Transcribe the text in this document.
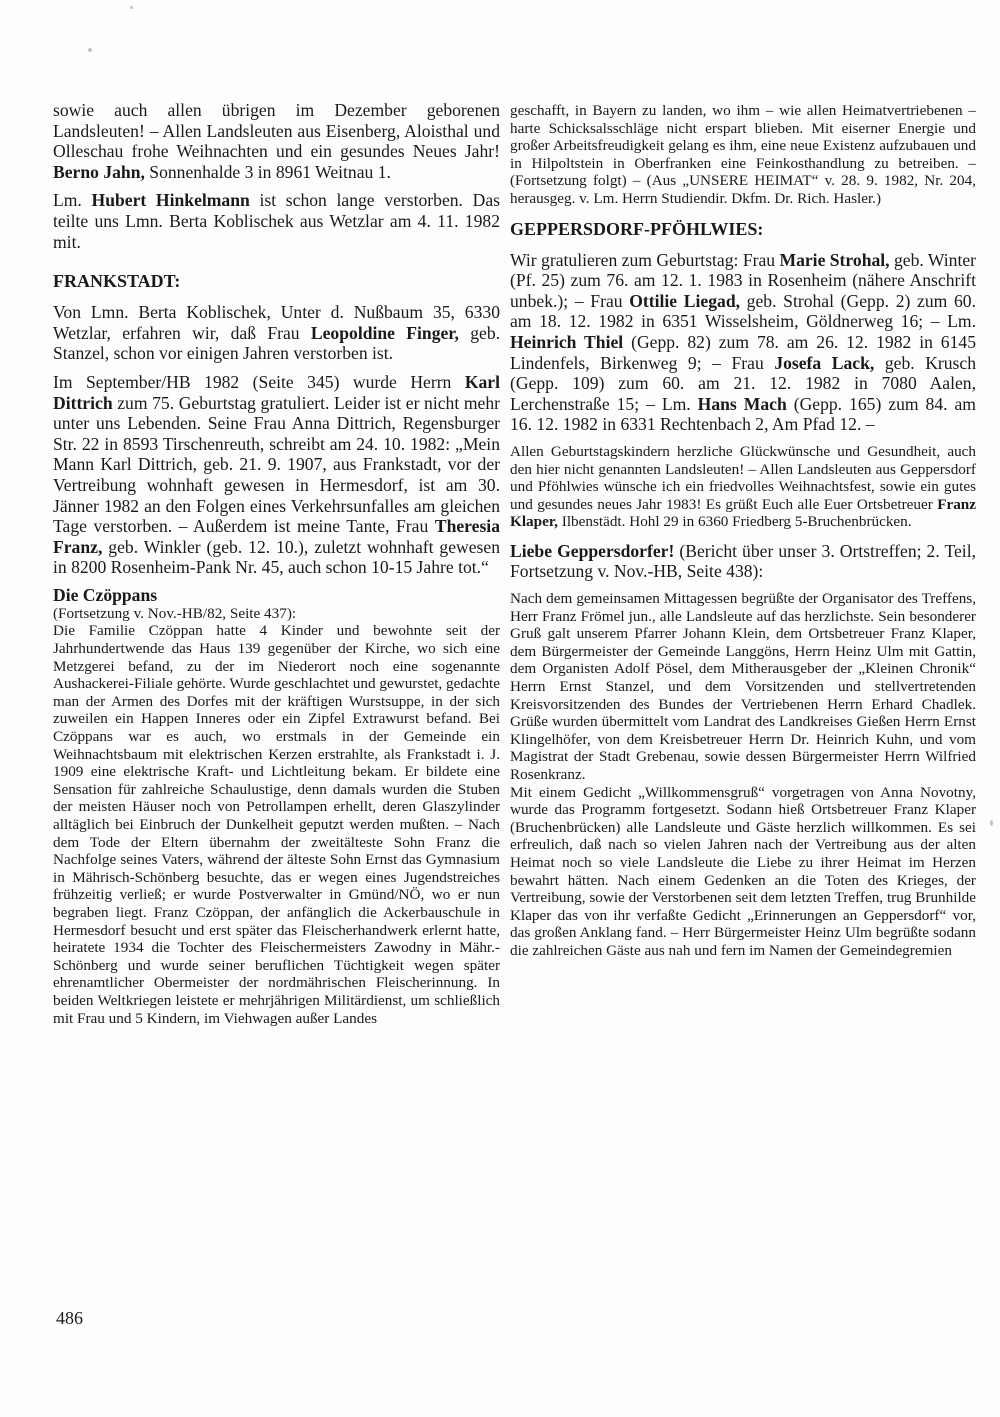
sowie auch allen übrigen im Dezember geborenen Landsleuten! – Allen Landsleuten aus Eisenberg, Aloisthal und Olleschau frohe Weihnachten und ein gesundes Neues Jahr! Berno Jahn, Sonnenhalde 3 in 8961 Weitnau 1.

Lm. Hubert Hinkelmann ist schon lange verstorben. Das teilte uns Lmn. Berta Koblischek aus Wetzlar am 4. 11. 1982 mit.

FRANKSTADT:

Von Lmn. Berta Koblischek, Unter d. Nußbaum 35, 6330 Wetzlar, erfahren wir, daß Frau Leopoldine Finger, geb. Stanzel, schon vor einigen Jahren verstorben ist.

Im September/HB 1982 (Seite 345) wurde Herrn Karl Dittrich zum 75. Geburtstag gratuliert. Leider ist er nicht mehr unter uns Lebenden. Seine Frau Anna Dittrich, Regensburger Str. 22 in 8593 Tirschenreuth, schreibt am 24. 10. 1982: „Mein Mann Karl Dittrich, geb. 21. 9. 1907, aus Frankstadt, vor der Vertreibung wohnhaft gewesen in Hermesdorf, ist am 30. Jänner 1982 an den Folgen eines Verkehrsunfalles am gleichen Tage verstorben. – Außerdem ist meine Tante, Frau Theresia Franz, geb. Winkler (geb. 12. 10.), zuletzt wohnhaft gewesen in 8200 Rosenheim-Pank Nr. 45, auch schon 10-15 Jahre tot.“

Die Czöppans

(Fortsetzung v. Nov.-HB/82, Seite 437):

Die Familie Czöppan hatte 4 Kinder und bewohnte seit der Jahrhundertwende das Haus 139 gegenüber der Kirche, wo sich eine Metzgerei befand, zu der im Niederort noch eine sogenannte Aushackerei-Filiale gehörte. Wurde geschlachtet und gewurstet, gedachte man der Armen des Dorfes mit der kräftigen Wurstsuppe, in der sich zuweilen ein Happen Inneres oder ein Zipfel Extrawurst befand. Bei Czöppans war es auch, wo erstmals in der Gemeinde ein Weihnachtsbaum mit elektrischen Kerzen erstrahlte, als Frankstadt i. J. 1909 eine elektrische Kraft- und Lichtleitung bekam. Er bildete eine Sensation für zahlreiche Schaulustige, denn damals wurden die Stuben der meisten Häuser noch von Petrollampen erhellt, deren Glaszylinder alltäglich bei Einbruch der Dunkelheit geputzt werden mußten. – Nach dem Tode der Eltern übernahm der zweitälteste Sohn Franz die Nachfolge seines Vaters, während der älteste Sohn Ernst das Gymnasium in Mährisch-Schönberg besuchte, das er wegen eines Jugendstreiches frühzeitig verließ; er wurde Postverwalter in Gmünd/NÖ, wo er nun begraben liegt. Franz Czöppan, der anfänglich die Ackerbauschule in Hermesdorf besucht und erst später das Fleischerhandwerk erlernt hatte, heiratete 1934 die Tochter des Fleischermeisters Zawodny in Mähr.-Schönberg und wurde seiner beruflichen Tüchtigkeit wegen später ehrenamtlicher Obermeister der nordmährischen Fleischerinnung. In beiden Weltkriegen leistete er mehrjährigen Militärdienst, um schließlich mit Frau und 5 Kindern, im Viehwagen außer Landes

geschafft, in Bayern zu landen, wo ihm – wie allen Heimatvertriebenen – harte Schicksalsschläge nicht erspart blieben. Mit eiserner Energie und großer Arbeitsfreudigkeit gelang es ihm, eine neue Existenz aufzubauen und in Hilpoltstein in Oberfranken eine Feinkosthandlung zu betreiben. – (Fortsetzung folgt) – (Aus „UNSERE HEIMAT“ v. 28. 9. 1982, Nr. 204, herausgeg. v. Lm. Herrn Studiendir. Dkfm. Dr. Rich. Hasler.)

GEPPERSDORF-PFÖHLWIES:

Wir gratulieren zum Geburtstag: Frau Marie Strohal, geb. Winter (Pf. 25) zum 76. am 12. 1. 1983 in Rosenheim (nähere Anschrift unbek.); – Frau Ottilie Liegad, geb. Strohal (Gepp. 2) zum 60. am 18. 12. 1982 in 6351 Wisselsheim, Göldnerweg 16; – Lm. Heinrich Thiel (Gepp. 82) zum 78. am 26. 12. 1982 in 6145 Lindenfels, Birkenweg 9; – Frau Josefa Lack, geb. Krusch (Gepp. 109) zum 60. am 21. 12. 1982 in 7080 Aalen, Lerchenstraße 15; – Lm. Hans Mach (Gepp. 165) zum 84. am 16. 12. 1982 in 6331 Rechtenbach 2, Am Pfad 12. –

Allen Geburtstagskindern herzliche Glückwünsche und Gesundheit, auch den hier nicht genannten Landsleuten! – Allen Landsleuten aus Geppersdorf und Pföhlwies wünsche ich ein friedvolles Weihnachtsfest, sowie ein gutes und gesundes neues Jahr 1983! Es grüßt Euch alle Euer Ortsbetreuer Franz Klaper, Ilbenstädt. Hohl 29 in 6360 Friedberg 5-Bruchenbrücken.

Liebe Geppersdorfer! (Bericht über unser 3. Ortstreffen; 2. Teil, Fortsetzung v. Nov.-HB, Seite 438):

Nach dem gemeinsamen Mittagessen begrüßte der Organisator des Treffens, Herr Franz Frömel jun., alle Landsleute auf das herzlichste. Sein besonderer Gruß galt unserem Pfarrer Johann Klein, dem Ortsbetreuer Franz Klaper, dem Bürgermeister der Gemeinde Langgöns, Herrn Heinz Ulm mit Gattin, dem Organisten Adolf Pösel, dem Mitherausgeber der „Kleinen Chronik“ Herrn Ernst Stanzel, und dem Vorsitzenden und stellvertretenden Kreisvorsitzenden des Bundes der Vertriebenen Herrn Erhard Chadlek. Grüße wurden übermittelt vom Landrat des Landkreises Gießen Herrn Ernst Klingelhöfer, von dem Kreisbetreuer Herrn Dr. Heinrich Kuhn, und vom Magistrat der Stadt Grebenau, sowie dessen Bürgermeister Herrn Wilfried Rosenkranz.

Mit einem Gedicht „Willkommensgruß“ vorgetragen von Anna Novotny, wurde das Programm fortgesetzt. Sodann hieß Ortsbetreuer Franz Klaper (Bruchenbrücken) alle Landsleute und Gäste herzlich willkommen. Es sei erfreulich, daß nach so vielen Jahren nach der Vertreibung aus der alten Heimat noch so viele Landsleute die Liebe zu ihrer Heimat im Herzen bewahrt hätten. Nach einem Gedenken an die Toten des Krieges, der Vertreibung, sowie der Verstorbenen seit dem letzten Treffen, trug Brunhilde Klaper das von ihr verfaßte Gedicht „Erinnerungen an Geppersdorf“ vor, das großen Anklang fand. – Herr Bürgermeister Heinz Ulm begrüßte sodann die zahlreichen Gäste aus nah und fern im Namen der Gemeindegremien

486
